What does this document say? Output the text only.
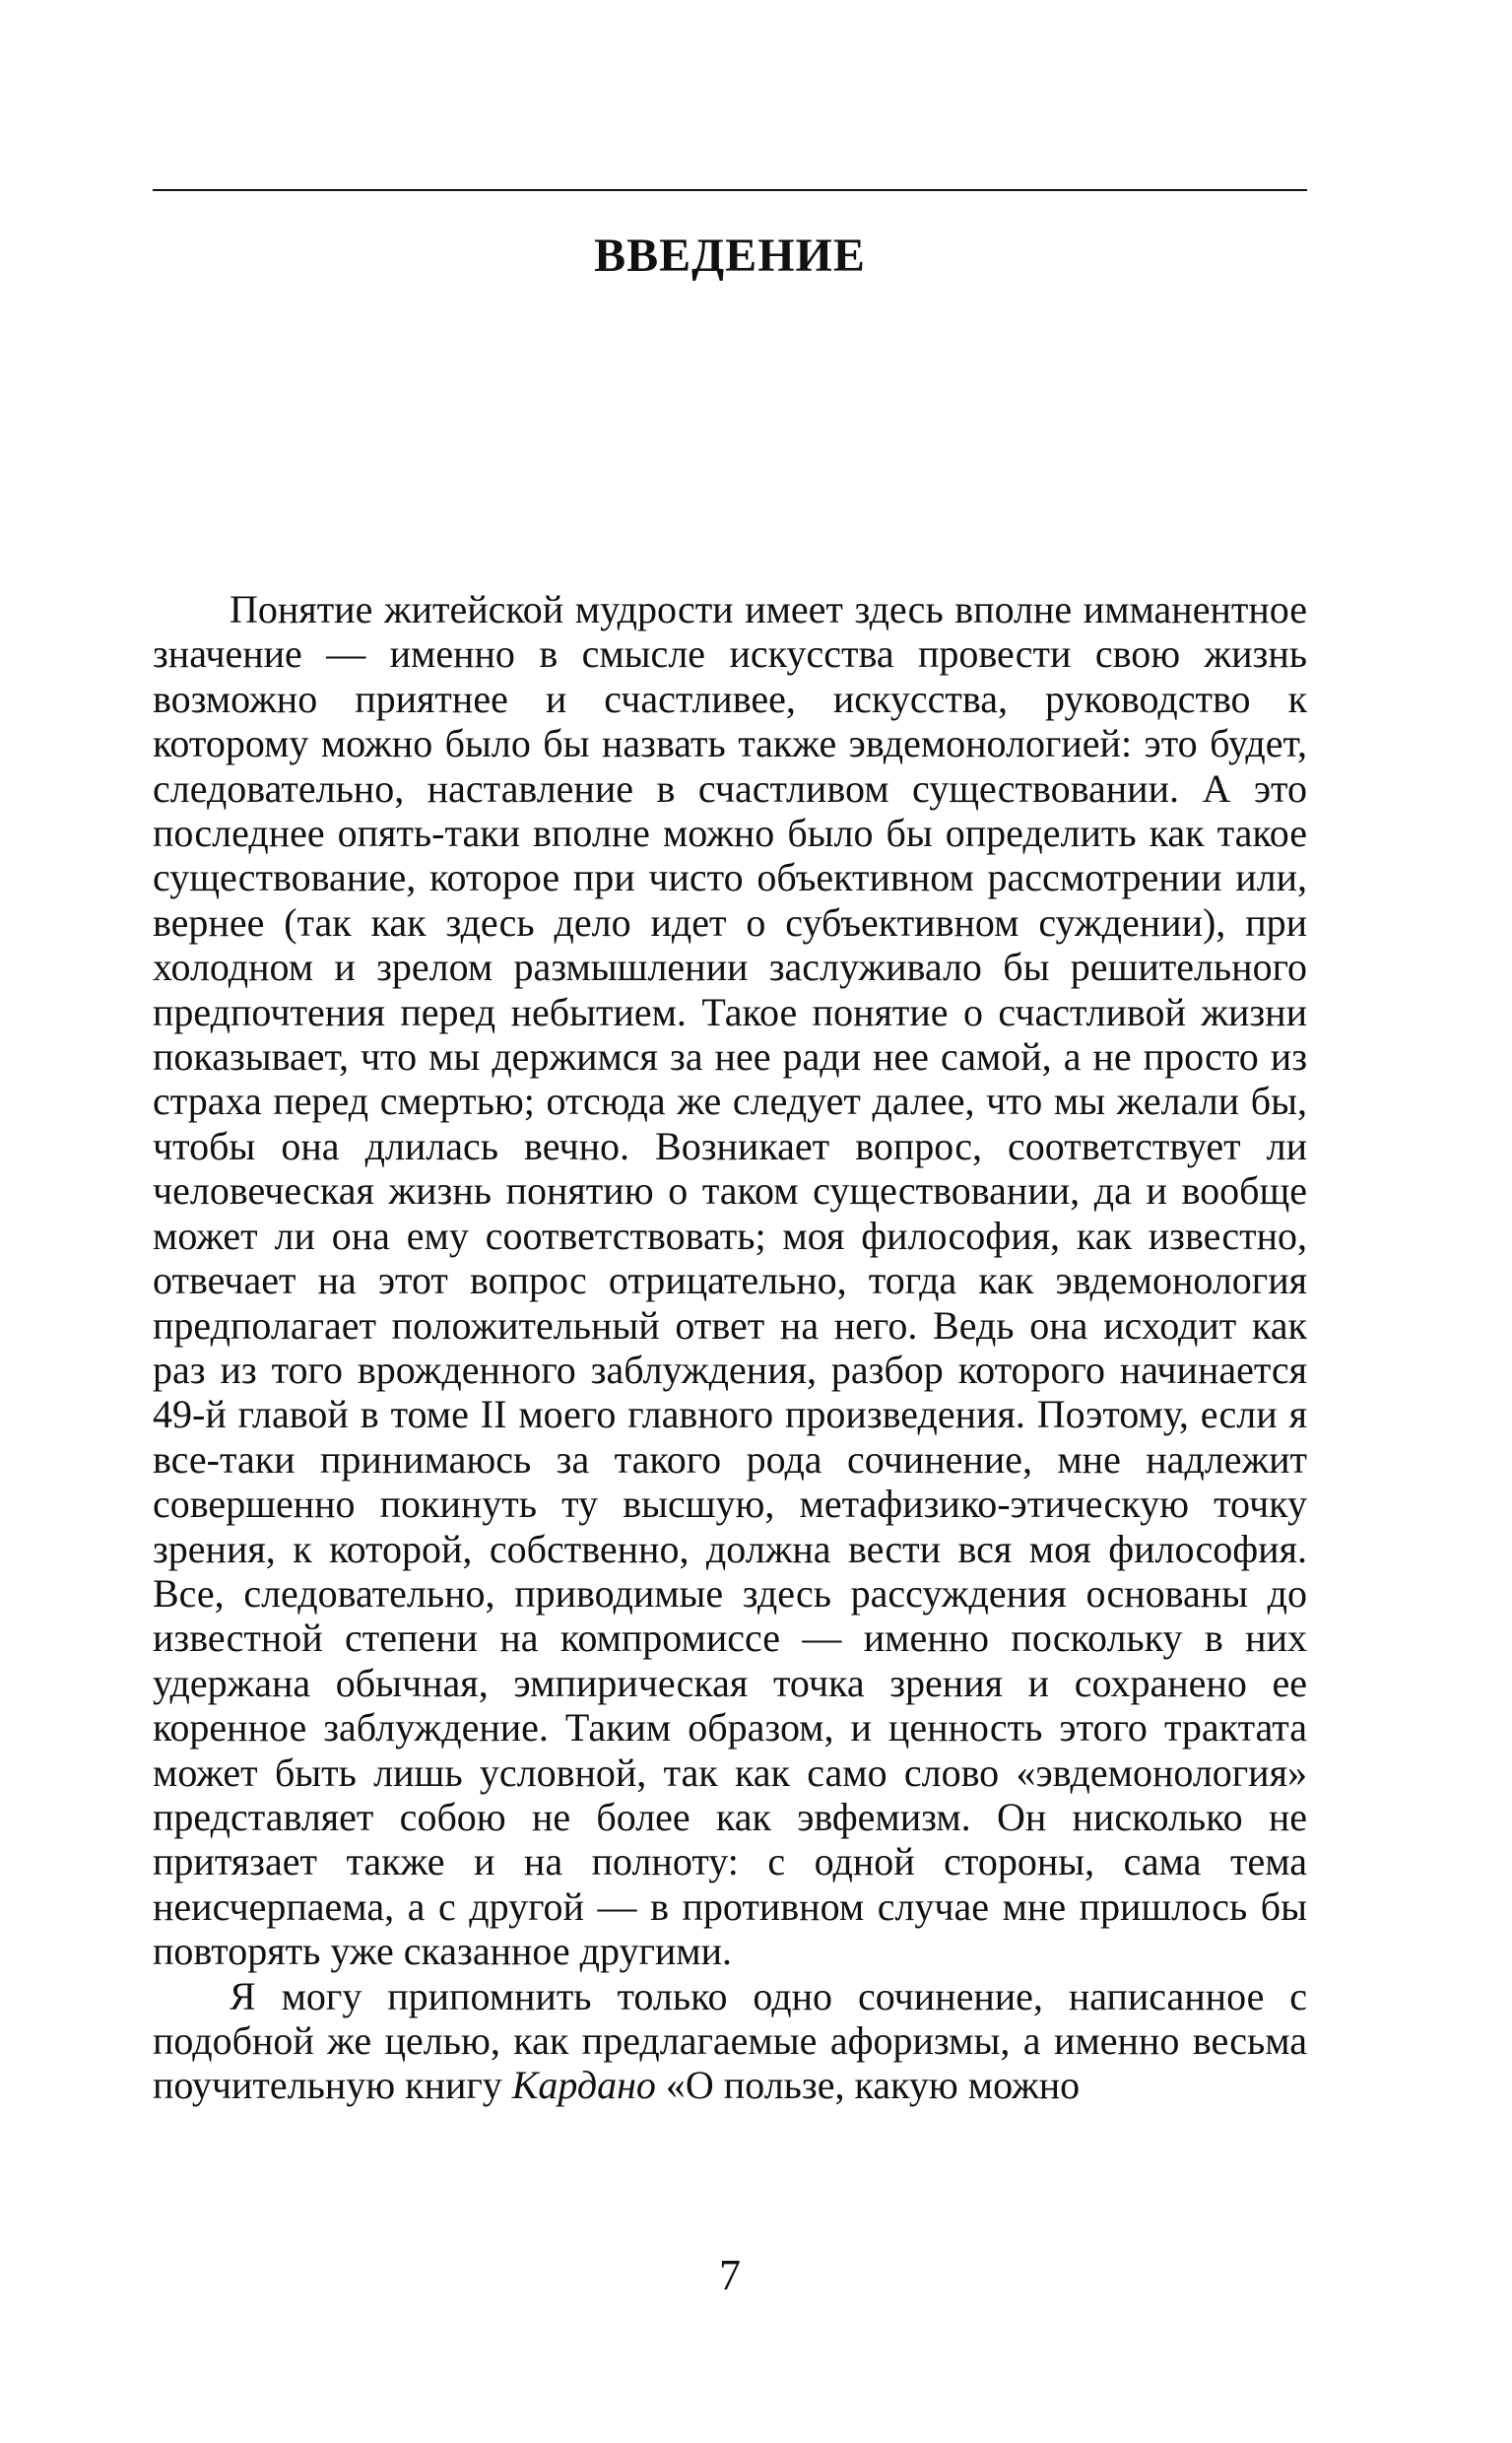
ВВЕДЕНИЕ

Понятие житейской мудрости имеет здесь вполне имманентное значение — именно в смысле искусства провести свою жизнь возможно приятнее и счастливее, искусства, руководство к которому можно было бы назвать также эвдемонологией: это будет, следовательно, наставление в счастливом существовании. А это последнее опять-таки вполне можно было бы определить как такое существование, которое при чисто объективном рассмотрении или, вернее (так как здесь дело идет о субъективном суждении), при холодном и зрелом размышлении заслуживало бы решительного предпочтения перед небытием. Такое понятие о счастливой жизни показывает, что мы держимся за нее ради нее самой, а не просто из страха перед смертью; отсюда же следует далее, что мы желали бы, чтобы она длилась вечно. Возникает вопрос, соответствует ли человеческая жизнь понятию о таком существовании, да и вообще может ли она ему соответствовать; моя философия, как известно, отвечает на этот вопрос отрицательно, тогда как эвдемонология предполагает положительный ответ на него. Ведь она исходит как раз из того врожденного заблуждения, разбор которого начинается 49-й главой в томе II моего главного произведения. Поэтому, если я все-таки принимаюсь за такого рода сочинение, мне надлежит совершенно покинуть ту высшую, метафизико-этическую точку зрения, к которой, собственно, должна вести вся моя философия. Все, следовательно, приводимые здесь рассуждения основаны до известной степени на компромиссе — именно поскольку в них удержана обычная, эмпирическая точка зрения и сохранено ее коренное заблуждение. Таким образом, и ценность этого трактата может быть лишь условной, так как само слово «эвдемонология» представляет собою не более как эвфемизм. Он нисколько не притязает также и на полноту: с одной стороны, сама тема неисчерпаема, а с другой — в противном случае мне пришлось бы повторять уже сказанное другими.

Я могу припомнить только одно сочинение, написанное с подобной же целью, как предлагаемые афоризмы, а именно весьма поучительную книгу Кардано «О пользе, какую можно

7
